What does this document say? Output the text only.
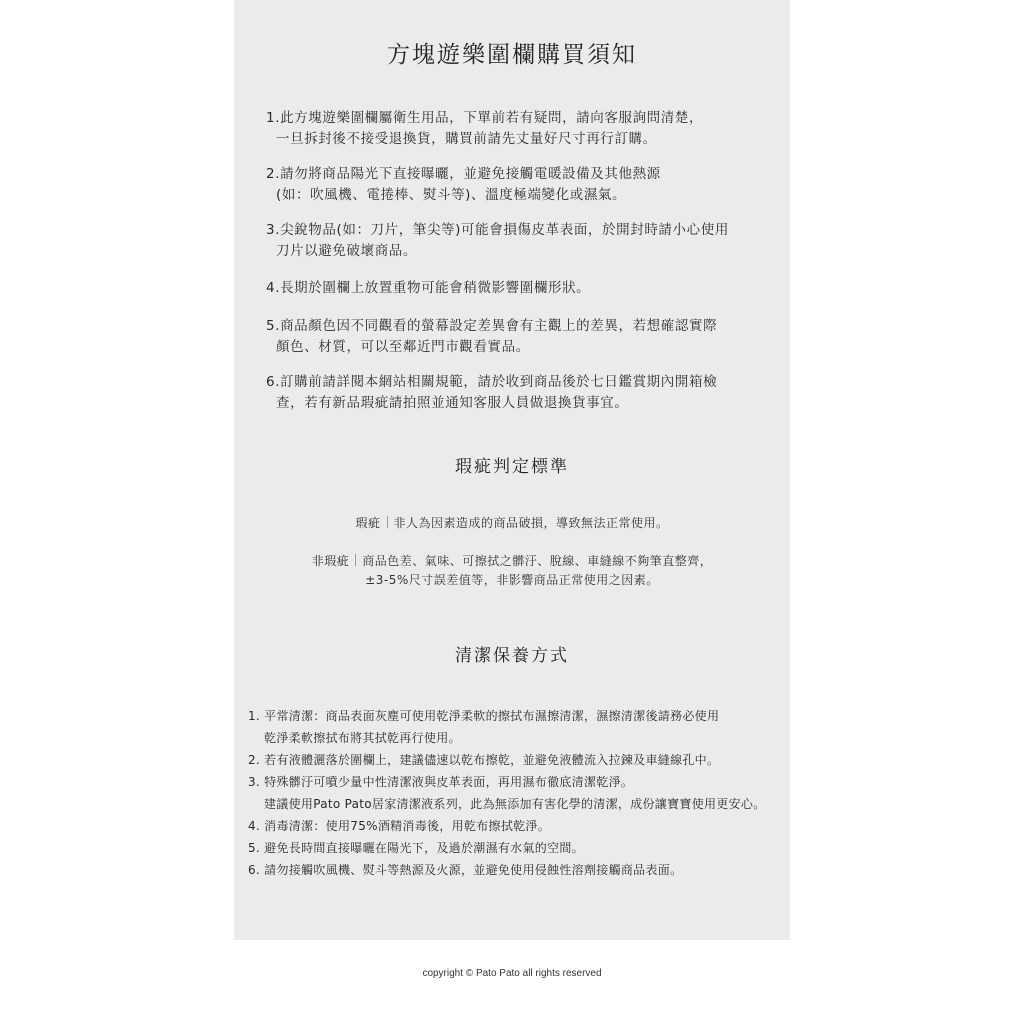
方塊遊樂圍欄購買須知
1.此方塊遊樂圍欄屬衛生用品，下單前若有疑問，請向客服詢問清楚，
一旦拆封後不接受退換貨，購買前請先丈量好尺寸再行訂購。
2.請勿將商品陽光下直接曝曬，並避免接觸電暖設備及其他熱源
(如：吹風機、電捲棒、熨斗等)、溫度極端變化或濕氣。
3.尖銳物品(如：刀片，筆尖等)可能會損傷皮革表面，於開封時請小心使用
刀片以避免破壞商品。
4.長期於圍欄上放置重物可能會稍微影響圍欄形狀。
5.商品顏色因不同觀看的螢幕設定差異會有主觀上的差異，若想確認實際
顏色、材質，可以至鄰近門市觀看實品。
6.訂購前請詳閱本網站相關規範，請於收到商品後於七日鑑賞期內開箱檢
查，若有新品瑕疵請拍照並通知客服人員做退換貨事宜。
瑕疵判定標準
瑕疵 非人為因素造成的商品破損，導致無法正常使用。
非瑕疵 商品色差、氣味、可擦拭之髒汙、脫線、車縫線不夠筆直整齊，
±3-5%尺寸誤差值等，非影響商品正常使用之因素。
清潔保養方式
1. 平常清潔：商品表面灰塵可使用乾淨柔軟的擦拭布濕擦清潔，濕擦清潔後請務必使用
乾淨柔軟擦拭布將其拭乾再行使用。
2. 若有液體灑落於圍欄上，建議儘速以乾布擦乾，並避免液體流入拉鍊及車縫線孔中。
3. 特殊髒汙可噴少量中性清潔液與皮革表面，再用濕布徹底清潔乾淨。
建議使用Pato Pato居家清潔液系列，此為無添加有害化學的清潔，成份讓寶寶使用更安心。
4. 消毒清潔：使用75%酒精消毒後，用乾布擦拭乾淨。
5. 避免長時間直接曝曬在陽光下，及過於潮濕有水氣的空間。
6. 請勿接觸吹風機、熨斗等熱源及火源，並避免使用侵蝕性溶劑接觸商品表面。
copyright © Pato Pato all rights reserved
